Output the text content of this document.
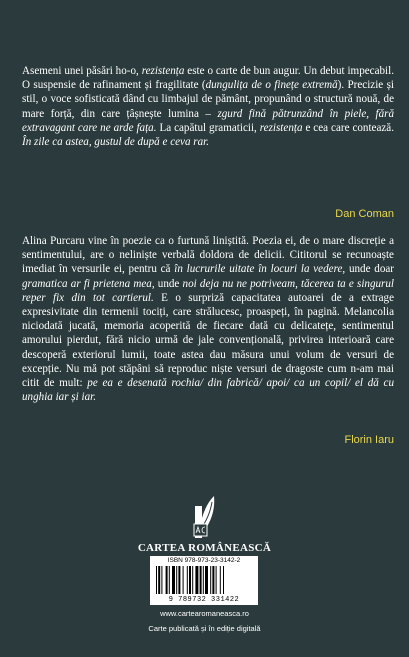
Asemeni unei păsări ho-o, rezistența este o carte de bun augur. Un debut impecabil. O suspensie de rafinament și fragilitate (dungulița de o finețe extremă). Precizie și stil, o voce sofisticată dând cu limbajul de pământ, propunând o structură nouă, de mare forță, din care țâșnește lumina – zgurd fină pătrunzând în piele, fără extravagant care ne arde fața. La capătul gramaticii, rezistența e cea care contează. În zile ca astea, gustul de după e ceva rar.
Dan Coman
Alina Purcaru vine în poezie ca o furtună liniștită. Poezia ei, de o mare discreție a sentimentului, are o neliniște verbală doldora de delicii. Cititorul se recunoaște imediat în versurile ei, pentru că în lucrurile uitate în locuri la vedere, unde doar gramatica ar fi prietena mea, unde noi deja nu ne potriveam, tăcerea ta e singurul reper fix din tot cartierul. E o surpriză capacitatea autoarei de a extrage expresivitate din termenii tociți, care strălucesc, proaspeți, în pagină. Melancolia niciodată jucată, memoria acoperită de fiecare dată cu delicatețe, sentimentul amorului pierdut, fără nicio urmă de jale convențională, privirea interioară care descoperă exteriorul lumii, toate astea dau măsura unui volum de versuri de excepție. Nu mă pot stăpâni să reproduc niște versuri de dragoste cum n-am mai citit de mult: pe ea e desenată rochia/ din fabrică/ apoi/ ca un copil/ el dă cu unghia iar și iar.
Florin Iaru
CARTEA ROMÂNEASCĂ
ISBN 978-973-23-3142-2
9 789732 331422
www.cartearomaneasca.ro
Carte publicată și în ediție digitală
